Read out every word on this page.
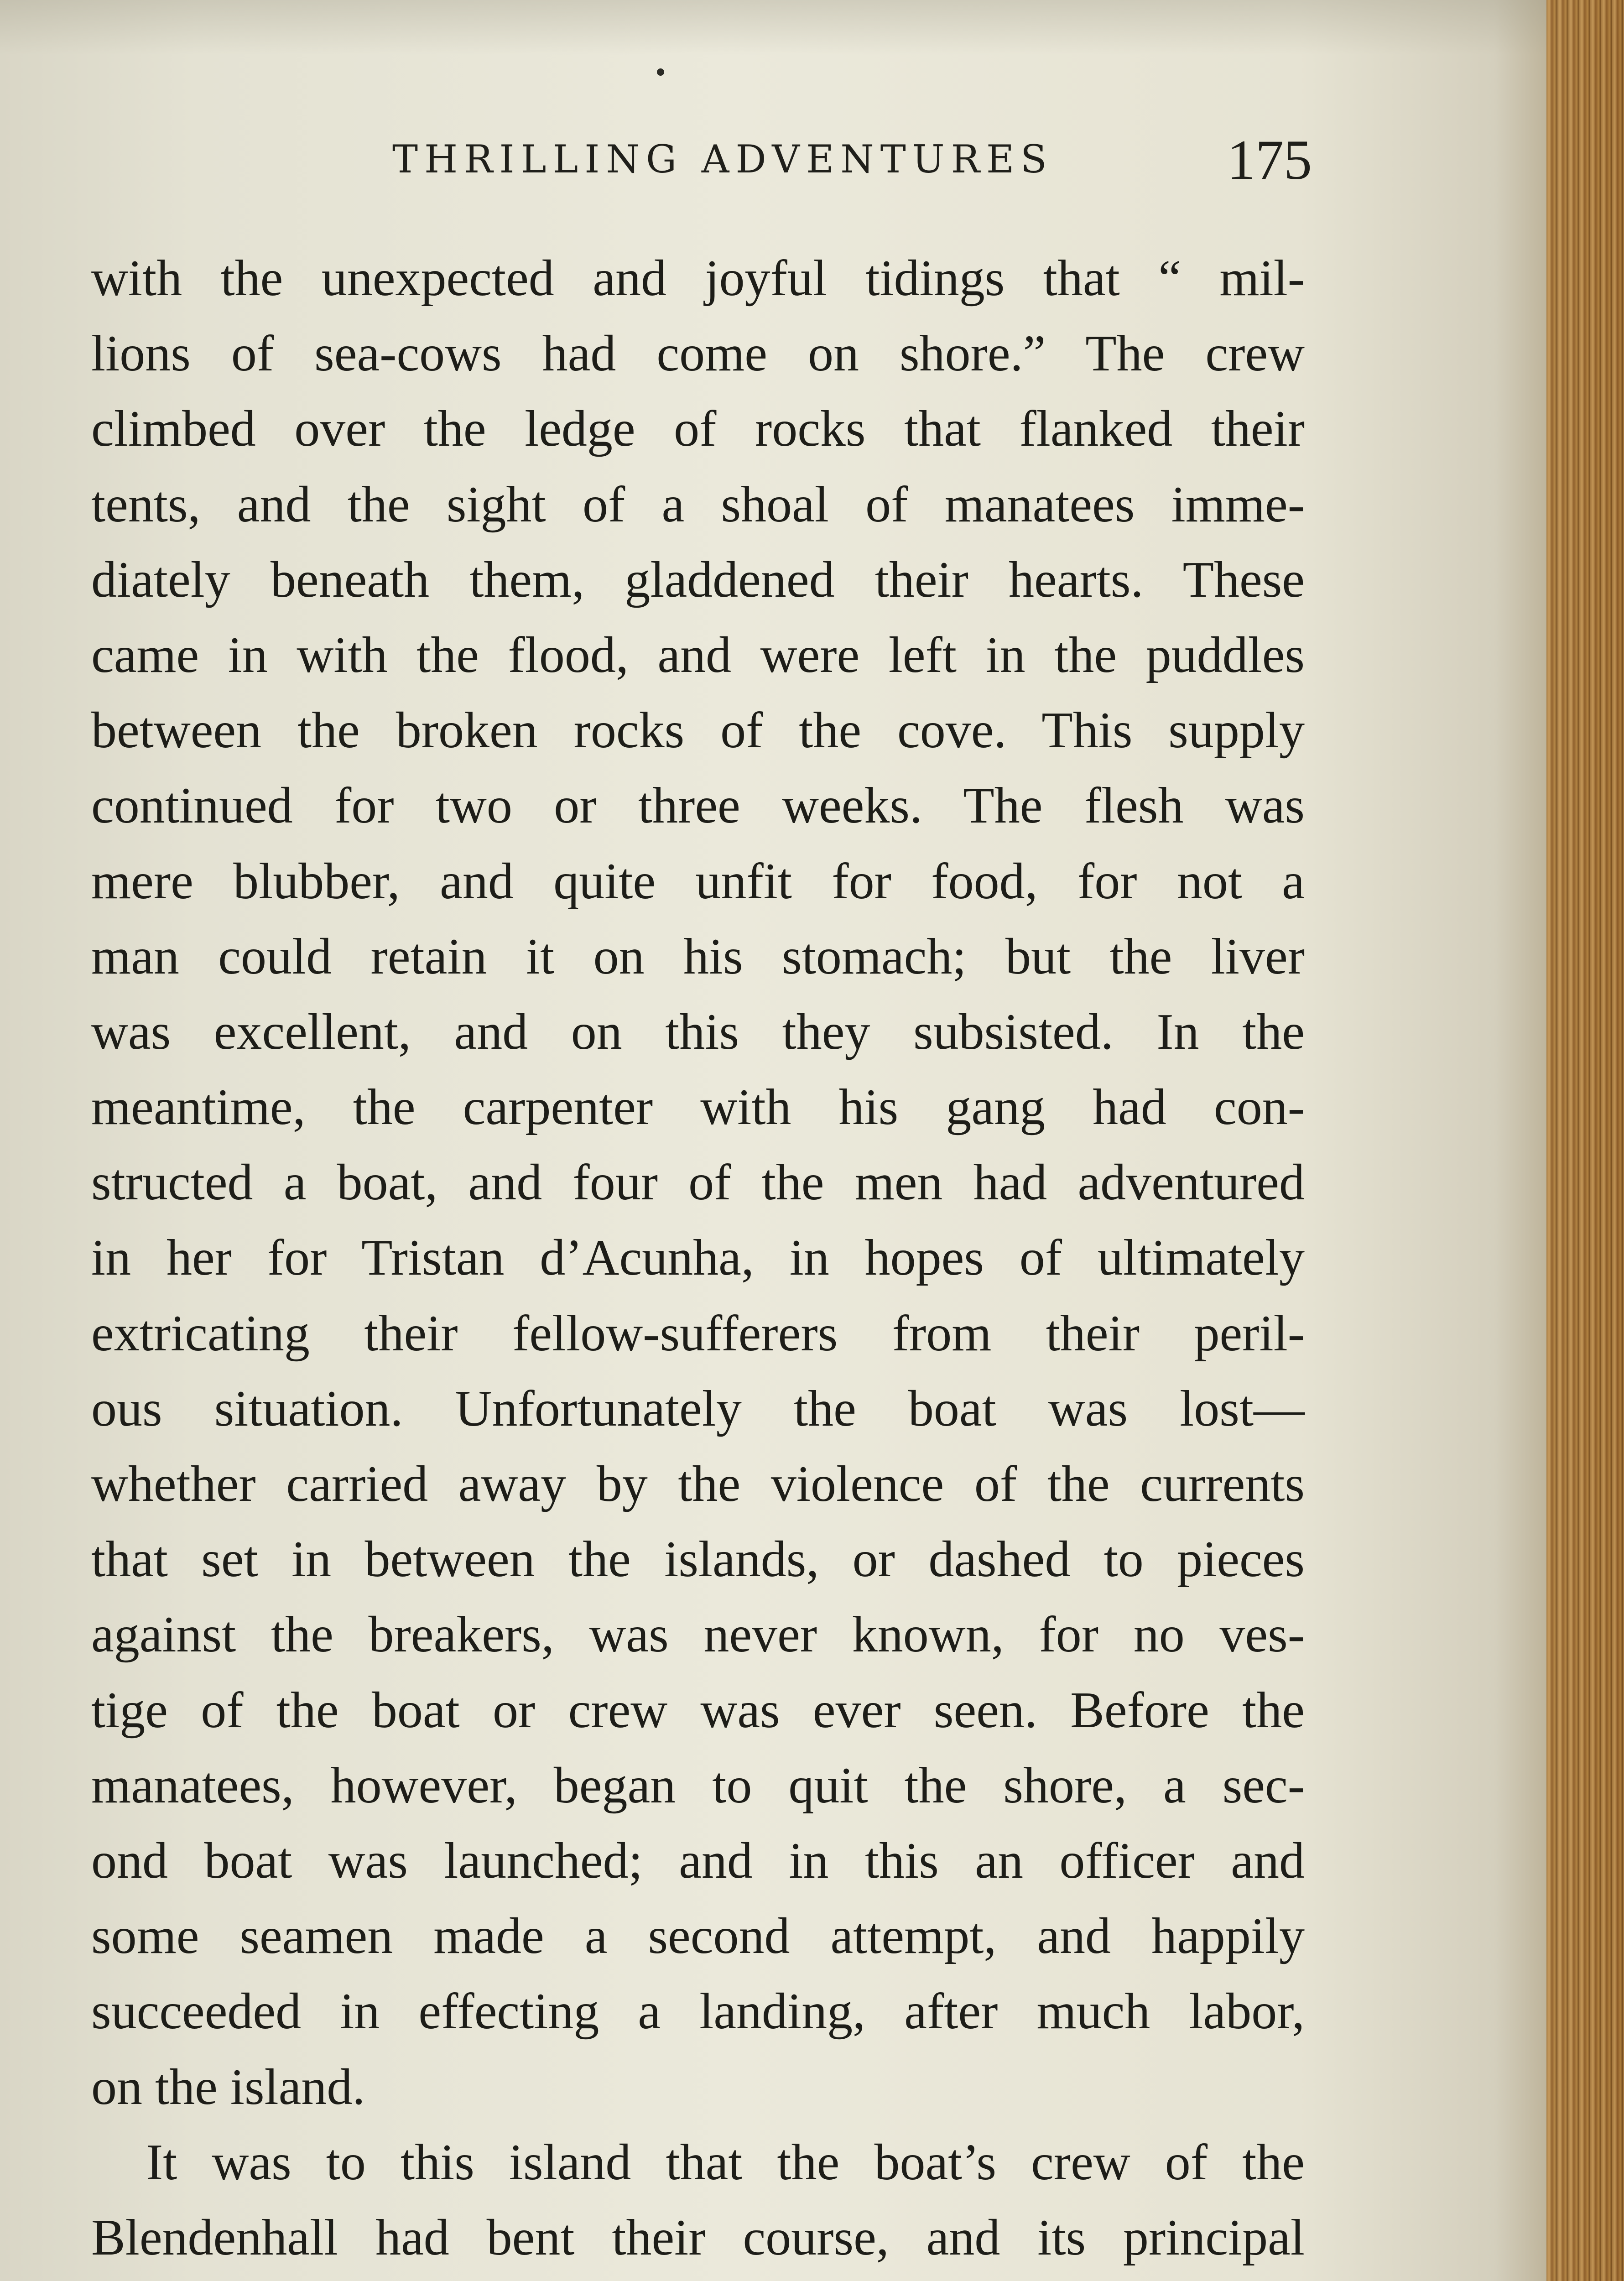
THRILLING ADVENTURES	175
with the unexpected and joyful tidings that “ mil-
lions of sea-cows had come on shore.” The crew
climbed over the ledge of rocks that flanked their
tents, and the sight of a shoal of manatees imme-
diately beneath them, gladdened their hearts. These
came in with the flood, and were left in the puddles
between the broken rocks of the cove. This supply
continued for two or three weeks. The flesh was
mere blubber, and quite unfit for food, for not a
man could retain it on his stomach; but the liver
was excellent, and on this they subsisted. In the
meantime, the carpenter with his gang had con-
structed a boat, and four of the men had adventured
in her for Tristan d’Acunha, in hopes of ultimately
extricating their fellow-sufferers from their peril-
ous situation. Unfortunately the boat was lost—
whether carried away by the violence of the currents
that set in between the islands, or dashed to pieces
against the breakers, was never known, for no ves-
tige of the boat or crew was ever seen. Before the
manatees, however, began to quit the shore, a sec-
ond boat was launched; and in this an officer and
some seamen made a second attempt, and happily
succeeded in effecting a landing, after much labor,
on the island.
It was to this island that the boat’s crew of the
Blendenhall had bent their course, and its principal
